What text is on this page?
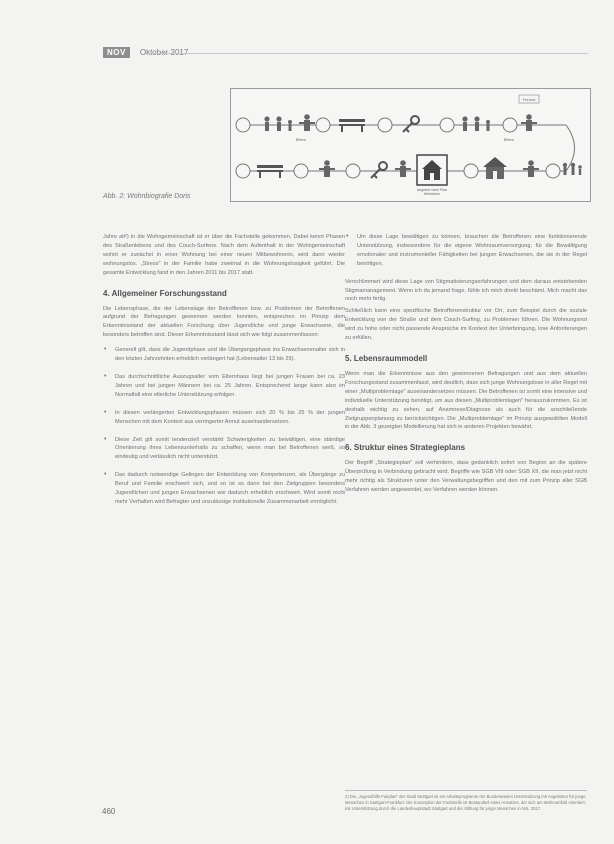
NOV	Oktober 2017
Freund
Eltern	Eltern
Angebot nach Plan
Wohnform
Abb. 2: Wohnbiografie Doris

Jahre alt²) in die Wohngemeinschaft ist er über die Fachstelle gekommen. Dabei kennt Phasen des Straßenlebens und des Couch-Surfens. Nach dem Aufenthalt in der Wohngemeinschaft wohnt er zunächst in einer Wohnung bei einer neuen Mitbewohnerin, wird dann wieder wohnungslos. „Stress" in der Familie habe zweimal in die Wohnungslosigkeit geführt. Die gesamte Entwicklung fand in den Jahren 2011 bis 2017 statt.

4. Allgemeiner Forschungsstand

Die Lebensphase, die der Lebenslage der Betroffenen bzw. zu Problemen der Betroffenen aufgrund der Befragungen gewonnen werden konnten, entsprechen im Prinzip dem Erkenntnisstand der aktuellen Forschung über Jugendliche und junge Erwachsene, die besonders betroffen sind. Dieser Erkenntnisstand lässt sich wie folgt zusammenfassen:

• Generell gilt, dass die Jugendphase und die Übergangsphase ins Erwachsenenalter sich in den letzten Jahrzehnten erheblich verlängert hat (Lebensalter 13 bis 29).
• Das durchschnittliche Auszugsalter vom Elternhaus liegt bei jungen Frauen bei ca. 23 Jahren und bei jungen Männern bei ca. 25 Jahren. Entsprechend lange kann also im Normalfall eine elterliche Unterstützung erfolgen.
• In diesen verlängerten Entwicklungsphasen müssen sich 20 % bis 25 % der jungen Menschen mit dem Kontext aus verringerter Armut auseinandersetzen.
• Diese Zeit gilt somit tendenziell verstärkt Schwierigkeiten zu bewältigen, eine ständige Orientierung ihres Lebensunterhalts zu schaffen, wenn man bei Betroffenen weiß, so eindeutig und verlässlich nicht unterstützt.
• Das dadurch notwendige Gelingen der Entwicklung von Kompetenzen, als Übergänge zu Beruf und Familie erschwert sich, und so ist es dann bei den Zielgruppen besonders Jugendlichen und jungen Erwachsenen wie dadurch erheblich erschwert. Wird somit nicht mehr Verhalten wird Befragter und unzulässige institutionelle Zusammenarbeit ermöglicht.
• Um diese Lage bewältigen zu können, brauchen die Betroffenen eine funktionierende Unterstützung, insbesondere für die eigene Wohnraumversorgung, für die Bewältigung emotionaler und instrumenteller Fähigkeiten bei jungen Erwachsenen, die sie in der Regel benötigen.

Verschlimmert wird diese Lage von Stigmatisierungserfahrungen und dem daraus entstehenden Stigmamanagement. Wenn ich da jemand frage, fühle ich mich direkt beschämt. Mich macht das noch mehr fertig.

Schließlich kann eine spezifische Betroffenenstruktur vor Ort, zum Beispiel durch die soziale Entwicklung von der Straße und dem Couch-Surfing, zu Problemen führen. Die Wohnungsnot wird zu hohe oder nicht passende Ansprüche im Kontext der Unterbringung, lose Anforderungen zu erfüllen.

5. Lebensraummodell

Wenn man die Erkenntnisse aus den gewonnenen Befragungen und aus dem aktuellen Forschungsstand zusammenfasst, wird deutlich, dass sich junge Wohnungslose in aller Regel mit einer „Multiproblemlage" auseinandersetzen müssen. Die Betroffenen ist somit eine intensive und individuelle Unterstützung benötigt, um aus diesen „Multiproblemlagen" herauszukommen. Es ist deshalb wichtig zu sehen, auf Anamnese/Diagnose als auch für die anschließende Zielgruppenplanung zu berücksichtigen. Die „Multiproblemlage" im Prinzip ausgewählten Modell in der Abb. 3 gezeigten Modellierung hat sich in anderen Projekten bewährt.

6. Struktur eines Strategieplans

Der Begriff „Strategieplan" soll verhindern, dass gedanklich sofort von Beginn an die spätere Überprüfung in Verbindung gebracht wird. Begriffe wie SGB VIII oder SGB XII, die man jetzt nicht mehr richtig als Strukturen unter den Verwaltungsbegriffen und den mit zum Prinzip aller SGB Verfahren werden angewendet, wo Verfahren werden können.

2) Die „Jugendhilfe Fairplan" der Stadt Stuttgart ist ein Arbeitsprogramm der Bundesweiten Unterstützung mit Angeboten für junge Menschen in Stuttgart-Frankfurt. Die Konzeption der Fachstelle ist Bestandteil eines Ansatzes, der sich am Wohnumfeld orientiert; mit Unterstützung durch die Landeshauptstadt Stuttgart und der Stiftung für junge Menschen in Not, 2017.
460
